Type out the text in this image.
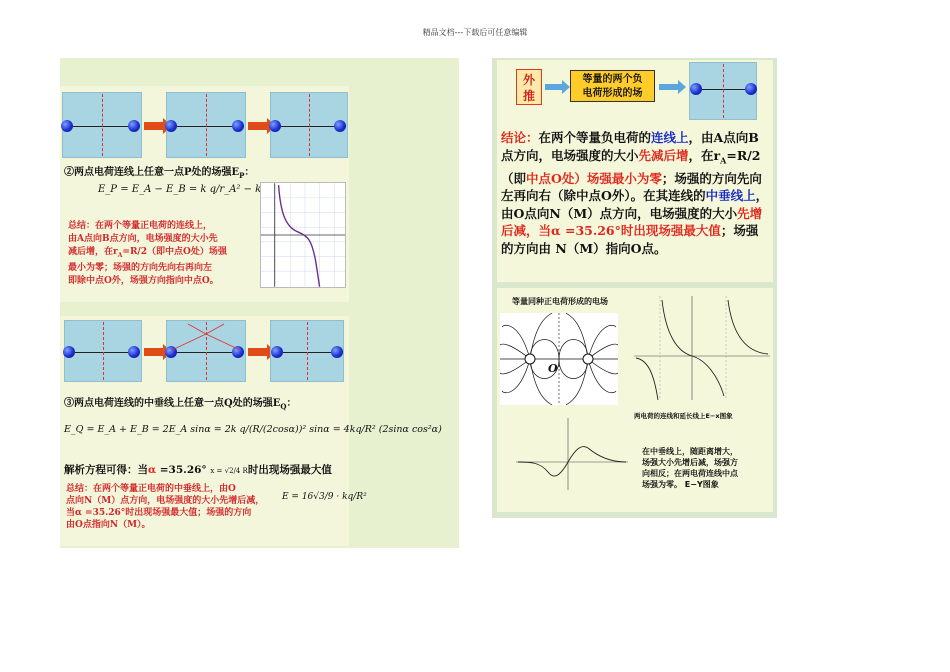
精品文档---下载后可任意编辑
②两点电荷连线上任意一点P处的场强$E_P$：
E_P = E_A − E_B = k q/r_A² − k q/(R−r_A)²
总结：在两个等量正电荷的连线上，
由A点向B点方向，电场强度的大小先
减后增，在$r_A=R/2$（即中点O处）场强
最小为零；场强的方向先向右再向左
即除中点O外，场强方向指向中点O。
③两点电荷连线的中垂线上任意一点Q处的场强$E_Q$：
E_Q = E_A + E_B = 2E_A sinα = 2k q/(R/(2cosα))² sinα = 4kq/R² (2sinα cos²α)
解析方程可得：当α =35.26° x = √2/4 R时出现场强最大值
总结：在两个等量正电荷的中垂线上，由O
点向N（M）点方向，电场强度的大小先增后减，
当α =35.26°时出现场强最大值；场强的方向
由O点指向N（M）。
E = 16√3/9 · kq/R²
外
推
等量的两个负
电荷形成的场
结论：在两个等量负电荷的连线上，由A点向B点方向，电场强度的大小先减后增，在$r_A=R/2$（即中点O处）场强最小为零；场强的方向先向左再向右（除中点O外）。在其连线的中垂线上，由O点向N（M）点方向，电场强度的大小先增后减，当α =35.26°时出现场强最大值；场强的方向由 N（M）指向O点。
等量同种正电荷形成的电场
O
两电荷的连线和延长线上E−x图象
在中垂线上，随距离增大，
场强大小先增后减，场强方
向相反；在两电荷连线中点
场强为零。 E−Y图象
